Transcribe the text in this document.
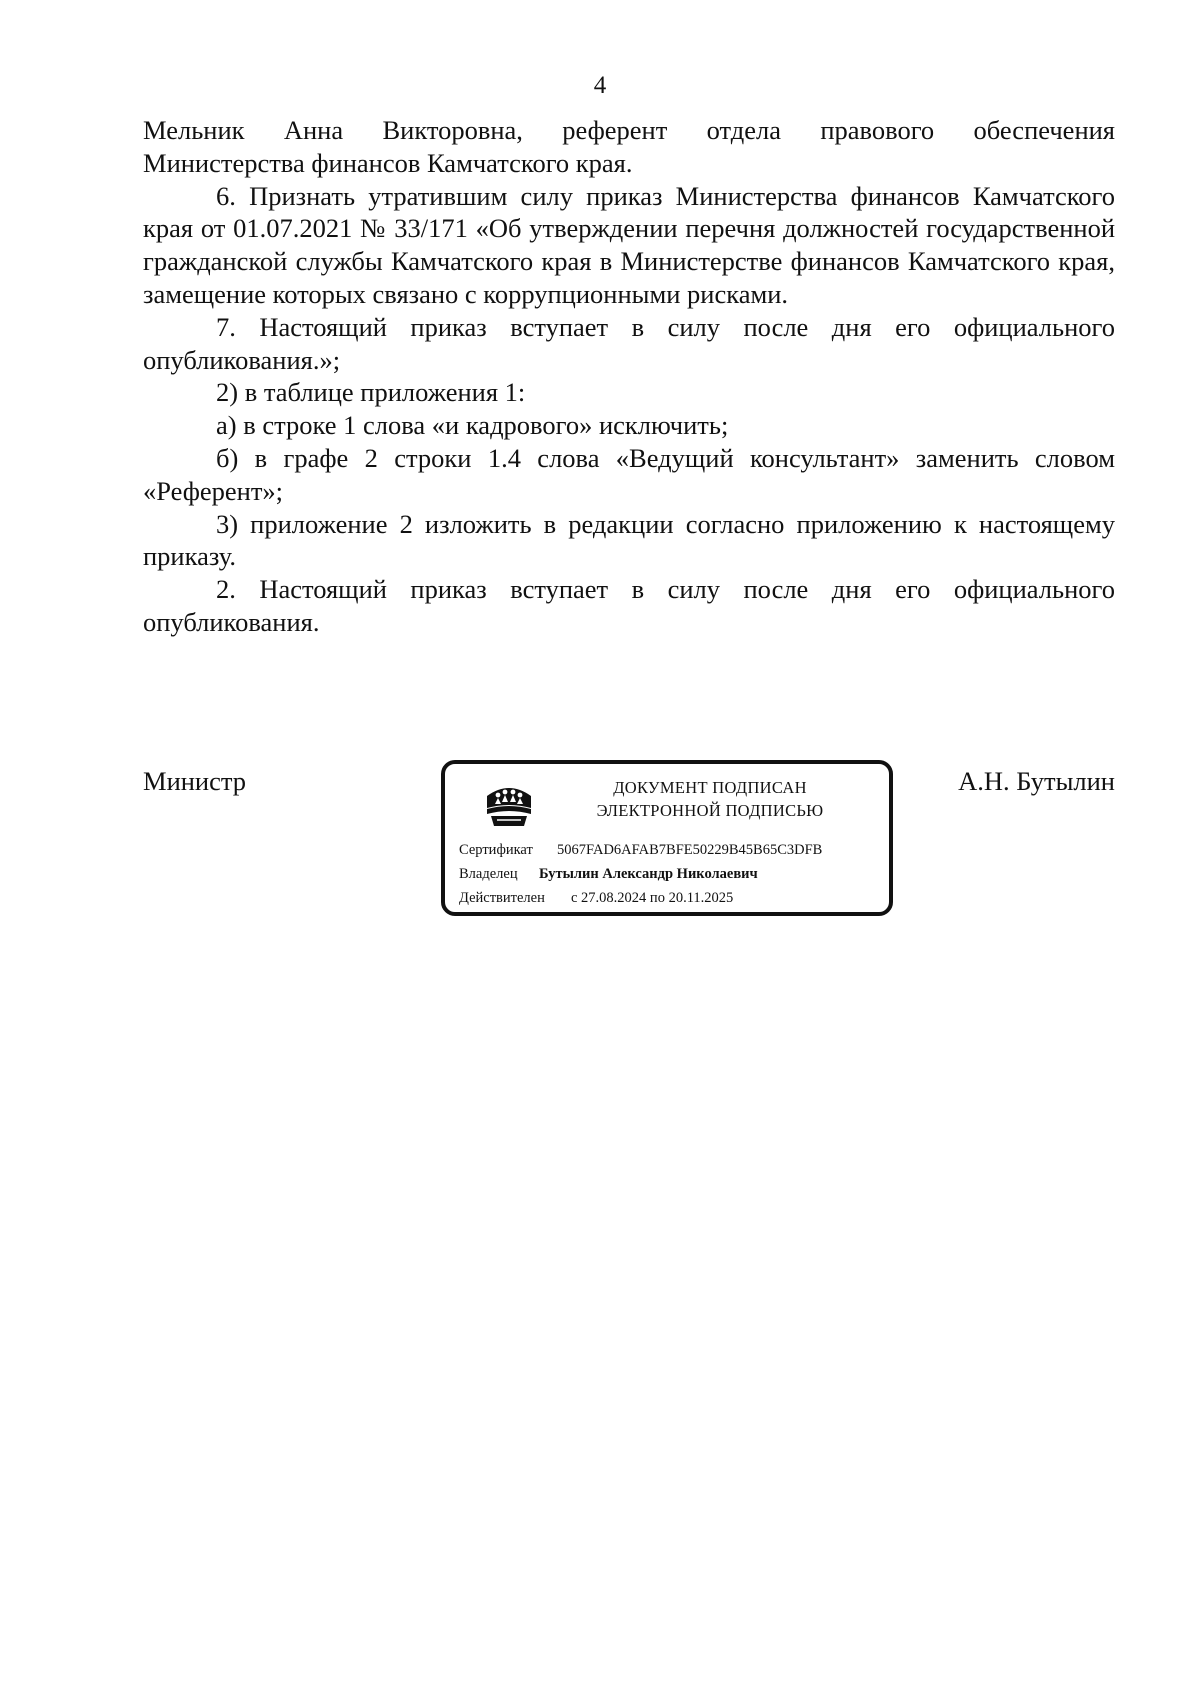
4

Мельник Анна Викторовна, референт отдела правового обеспечения

Министерства финансов Камчатского края.

6. Признать утратившим силу приказ Министерства финансов Камчатского края от 01.07.2021 № 33/171 «Об утверждении перечня должностей государственной гражданской службы Камчатского края в Министерстве финансов Камчатского края, замещение которых связано с коррупционными рисками.

7. Настоящий приказ вступает в силу после дня его официального опубликования.»;

2) в таблице приложения 1:

а) в строке 1 слова «и кадрового» исключить;

б) в графе 2 строки 1.4 слова «Ведущий консультант» заменить словом «Референт»;

3) приложение 2 изложить в редакции согласно приложению к настоящему приказу.

2. Настоящий приказ вступает в силу после дня его официального опубликования.

Министр	ДОКУМЕНТ ПОДПИСАН
ЭЛЕКТРОННОЙ ПОДПИСЬЮ
Сертификат 5067FAD6AFAB7BFE50229B45B65C3DFB
Владелец Бутылин Александр Николаевич
Действителен с 27.08.2024 по 20.11.2025
А.Н. Бутылин
